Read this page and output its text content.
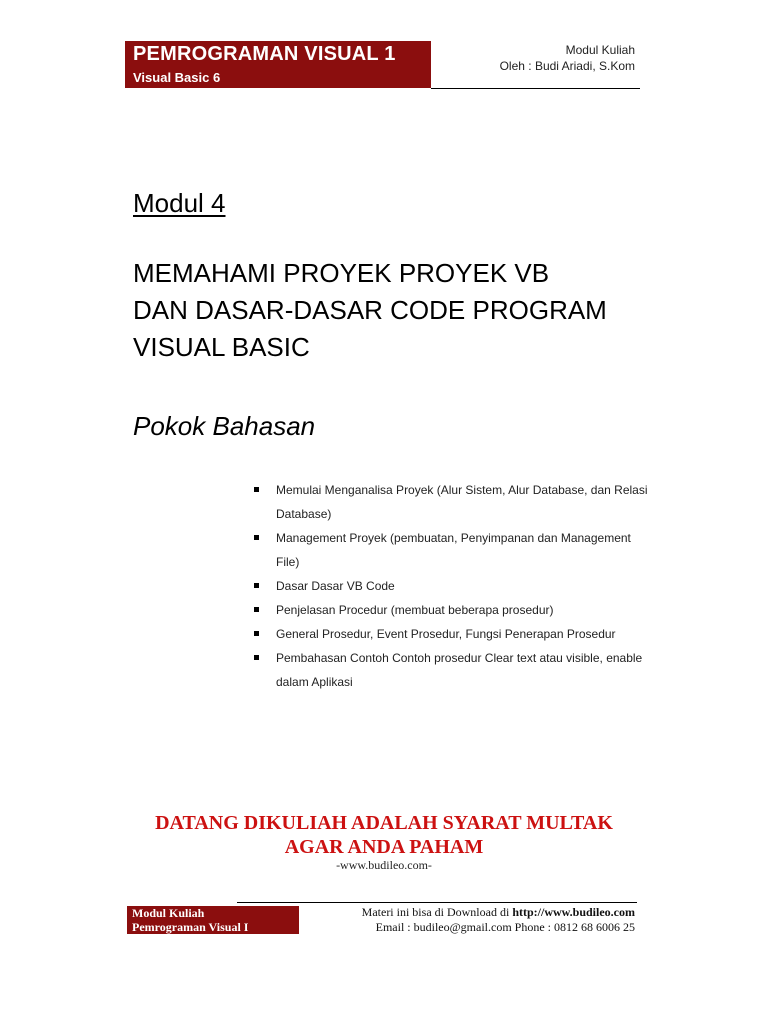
PEMROGRAMAN VISUAL 1
Visual Basic 6
Modul Kuliah
Oleh : Budi Ariadi, S.Kom
Modul 4
MEMAHAMI PROYEK PROYEK VB
DAN DASAR-DASAR CODE PROGRAM
VISUAL BASIC
Pokok Bahasan
Memulai Menganalisa Proyek (Alur Sistem, Alur Database, dan Relasi Database)
Management Proyek (pembuatan, Penyimpanan dan Management File)
Dasar Dasar VB Code
Penjelasan Procedur (membuat beberapa prosedur)
General Prosedur, Event Prosedur, Fungsi Penerapan Prosedur
Pembahasan Contoh Contoh prosedur Clear text atau visible, enable dalam Aplikasi
DATANG DIKULIAH ADALAH SYARAT MULTAK
AGAR ANDA PAHAM
-www.budileo.com-
Modul Kuliah
Pemrograman Visual I
Materi ini bisa di Download di http://www.budileo.com
Email : budileo@gmail.com Phone : 0812 68 6006 25
